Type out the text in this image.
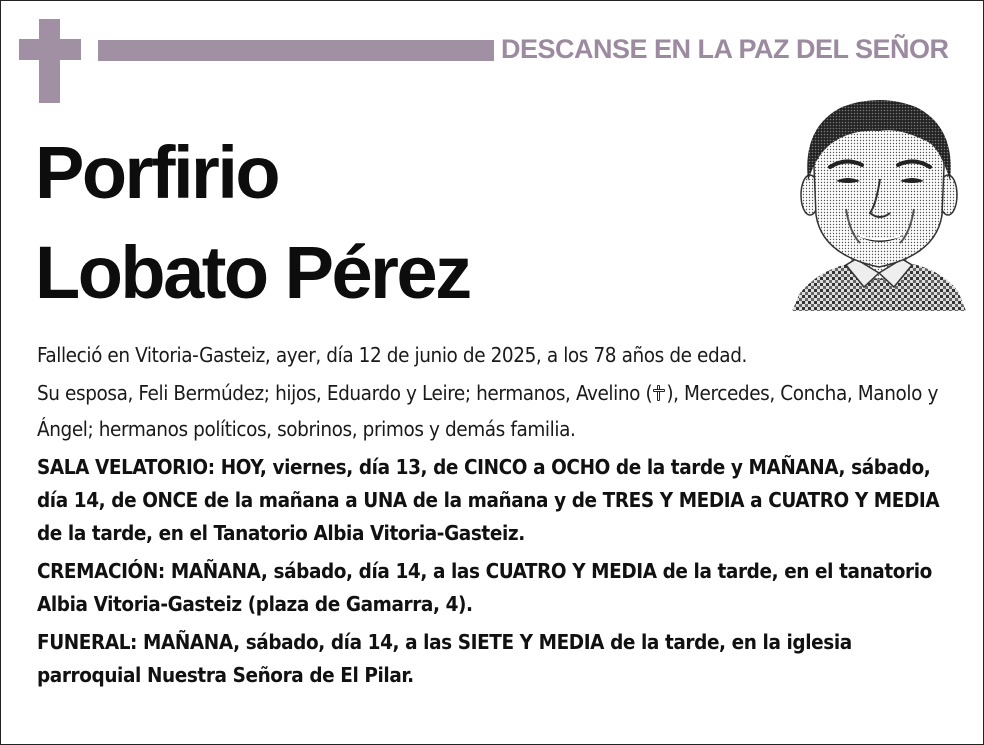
DESCANSE EN LA PAZ DEL SEÑOR
Porfirio
Lobato Pérez

Falleció en Vitoria-Gasteiz, ayer, día 12 de junio de 2025, a los 78 años de edad.

Su esposa, Feli Bermúdez; hijos, Eduardo y Leire; hermanos, Avelino ( ), Mercedes, Concha, Manolo y Ángel; hermanos políticos, sobrinos, primos y demás familia.

SALA VELATORIO: HOY, viernes, día 13, de CINCO a OCHO de la tarde y MAÑANA, sábado, día 14, de ONCE de la mañana a UNA de la mañana y de TRES Y MEDIA a CUATRO Y MEDIA de la tarde, en el Tanatorio Albia Vitoria-Gasteiz.

CREMACIÓN: MAÑANA, sábado, día 14, a las CUATRO Y MEDIA de la tarde, en el tanatorio Albia Vitoria-Gasteiz (plaza de Gamarra, 4).

FUNERAL: MAÑANA, sábado, día 14, a las SIETE Y MEDIA de la tarde, en la iglesia parroquial Nuestra Señora de El Pilar.
